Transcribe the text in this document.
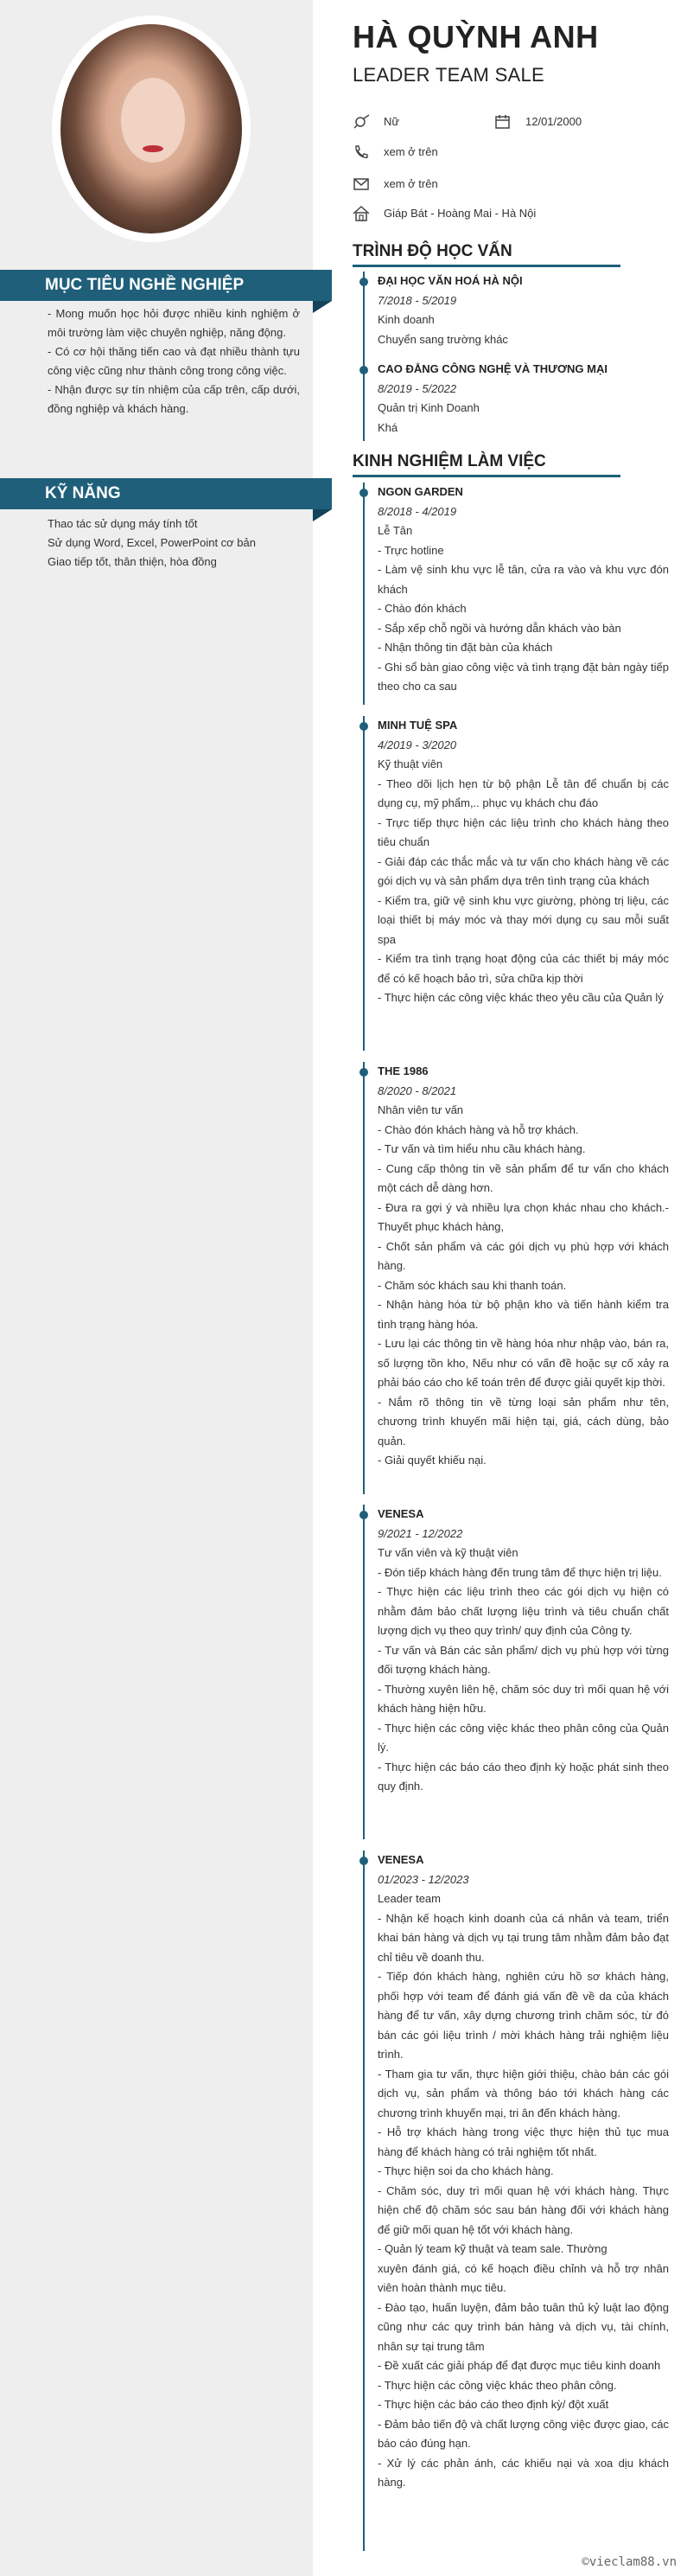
MỤC TIÊU NGHỀ NGHIỆP
- Mong muốn học hỏi được nhiều kinh nghiệm ở môi trường làm việc chuyên nghiệp, năng động.
- Có cơ hội thăng tiến cao và đạt nhiều thành tựu công việc cũng như thành công trong công việc.
- Nhận được sự tín nhiệm của cấp trên, cấp dưới, đồng nghiệp và khách hàng.
KỸ NĂNG
Thao tác sử dụng máy tính tốt
Sử dụng Word, Excel, PowerPoint cơ bản
Giao tiếp tốt, thân thiện, hòa đồng
HÀ QUỲNH ANH
LEADER TEAM SALE
Nữ	12/01/2000
xem ở trên
xem ở trên
Giáp Bát - Hoàng Mai - Hà Nội
TRÌNH ĐỘ HỌC VẤN
ĐẠI HỌC VĂN HOÁ HÀ NỘI
7/2018 - 5/2019
Kinh doanh
Chuyển sang trường khác
CAO ĐẲNG CÔNG NGHỆ VÀ THƯƠNG MẠI
8/2019 - 5/2022
Quản trị Kinh Doanh
Khá
KINH NGHIỆM LÀM VIỆC
NGON GARDEN
8/2018 - 4/2019
Lễ Tân
- Trực hotline
- Làm vệ sinh khu vực lễ tân, cửa ra vào và khu vực đón khách
- Chào đón khách
- Sắp xếp chỗ ngồi và hướng dẫn khách vào bàn
- Nhận thông tin đặt bàn của khách
- Ghi sổ bàn giao công việc và tình trạng đặt bàn ngày tiếp theo cho ca sau
MINH TUỆ SPA
4/2019 - 3/2020
Kỹ thuật viên
- Theo dõi lịch hẹn từ bộ phận Lễ tân để chuẩn bị các dụng cụ, mỹ phẩm,.. phục vụ khách chu đáo
- Trực tiếp thực hiện các liệu trình cho khách hàng theo tiêu chuẩn
- Giải đáp các thắc mắc và tư vấn cho khách hàng về các gói dịch vụ và sản phẩm dựa trên tình trạng của khách
- Kiểm tra, giữ vệ sinh khu vực giường, phòng trị liệu, các loại thiết bị máy móc và thay mới dụng cụ sau mỗi suất spa
- Kiểm tra tình trạng hoạt động của các thiết bị máy móc để có kế hoạch bảo trì, sửa chữa kịp thời
- Thực hiện các công việc khác theo yêu cầu của Quản lý
THE 1986
8/2020 - 8/2021
Nhân viên tư vấn
- Chào đón khách hàng và hỗ trợ khách.
- Tư vấn và tìm hiểu nhu cầu khách hàng.
- Cung cấp thông tin về sản phẩm để tư vấn cho khách một cách dễ dàng hơn.
- Đưa ra gợi ý và nhiều lựa chọn khác nhau cho khách.- Thuyết phục khách hàng,
- Chốt sản phẩm và các gói dịch vụ phù hợp với khách hàng.
- Chăm sóc khách sau khi thanh toán.
- Nhận hàng hóa từ bộ phận kho và tiến hành kiểm tra tình trạng hàng hóa.
- Lưu lại các thông tin về hàng hóa như nhập vào, bán ra, số lượng tồn kho, Nếu như có vấn đề hoặc sự cố xảy ra phải báo cáo cho kế toán trên để được giải quyết kịp thời.
- Nắm rõ thông tin về từng loại sản phẩm như tên, chương trình khuyến mãi hiện tại, giá, cách dùng, bảo quản.
- Giải quyết khiếu nại.
VENESA
9/2021 - 12/2022
Tư vấn viên và kỹ thuật viên
- Đón tiếp khách hàng đến trung tâm để thực hiện trị liệu.
- Thực hiện các liệu trình theo các gói dịch vụ hiện có nhằm đảm bảo chất lượng liệu trình và tiêu chuẩn chất lượng dịch vụ theo quy trình/ quy định của Công ty.
- Tư vấn và Bán các sản phẩm/ dịch vụ phù hợp với từng đối tượng khách hàng.
- Thường xuyên liên hệ, chăm sóc duy trì mối quan hệ với khách hàng hiện hữu.
- Thực hiện các công việc khác theo phân công của Quản lý.
- Thực hiện các báo cáo theo định kỳ hoặc phát sinh theo quy định.
VENESA
01/2023 - 12/2023
Leader team
- Nhận kế hoạch kinh doanh của cá nhân và team, triển khai bán hàng và dịch vụ tại trung tâm nhằm đảm bảo đạt chỉ tiêu về doanh thu.
- Tiếp đón khách hàng, nghiên cứu hồ sơ khách hàng, phối hợp với team để đánh giá vấn đề về da của khách hàng để tư vấn, xây dựng chương trình chăm sóc, từ đó bán các gói liệu trình / mời khách hàng trải nghiệm liệu trình.
- Tham gia tư vấn, thực hiện giới thiệu, chào bán các gói dịch vụ, sản phẩm và thông báo tới khách hàng các chương trình khuyến mại, tri ân đến khách hàng.
- Hỗ trợ khách hàng trong việc thực hiện thủ tục mua hàng để khách hàng có trải nghiệm tốt nhất.
- Thực hiện soi da cho khách hàng.
- Chăm sóc, duy trì mối quan hệ với khách hàng. Thực hiện chế độ chăm sóc sau bán hàng đối với khách hàng để giữ mối quan hệ tốt với khách hàng.
- Quản lý team kỹ thuật và team sale. Thường
xuyên đánh giá, có kế hoạch điều chỉnh và hỗ trợ nhân viên hoàn thành mục tiêu.
- Đào tạo, huấn luyện, đảm bảo tuân thủ kỷ luật lao động cũng như các quy trình bán hàng và dịch vụ, tài chính, nhân sự tại trung tâm
- Đề xuất các giải pháp để đạt được mục tiêu kinh doanh
- Thực hiện các công việc khác theo phân công.
- Thực hiện các báo cáo theo định kỳ/ đột xuất
- Đảm bảo tiến độ và chất lượng công việc được giao, các báo cáo đúng hạn.
- Xử lý các phản ánh, các khiếu nại và xoa dịu khách hàng.
©vieclam88.vn
